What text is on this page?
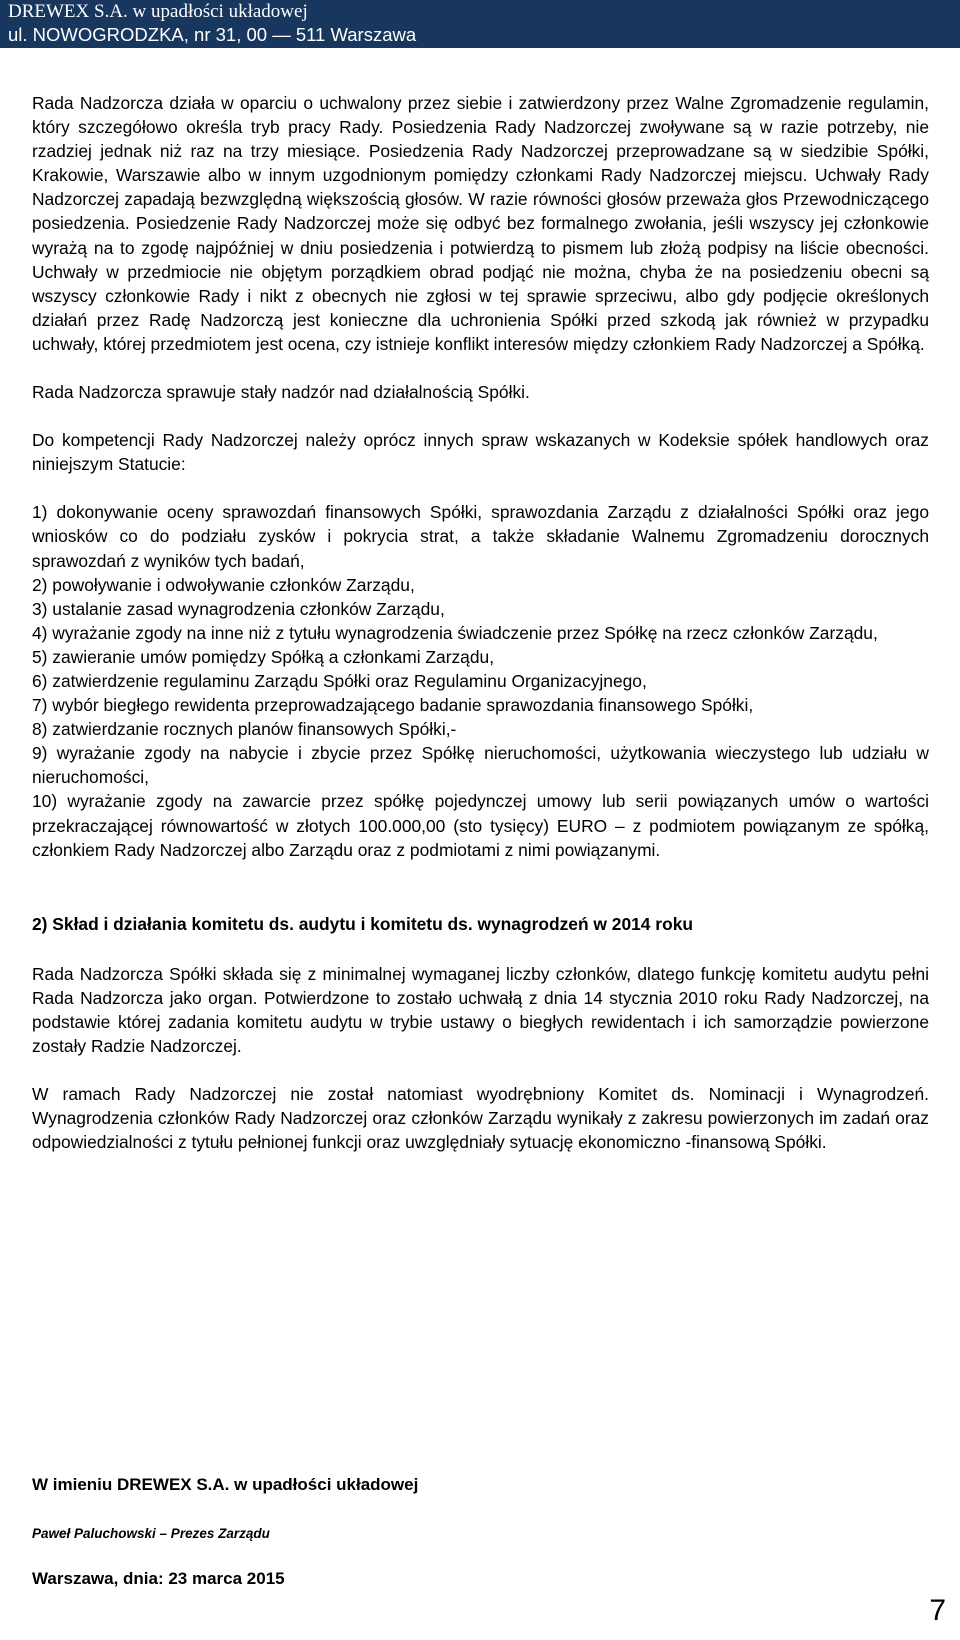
DREWEX S.A. w upadłości układowej
ul. NOWOGRODZKA, nr 31, 00 — 511 Warszawa

Rada Nadzorcza działa w oparciu o uchwalony przez siebie i zatwierdzony przez Walne Zgromadzenie regulamin, który szczegółowo określa tryb pracy Rady. Posiedzenia Rady Nadzorczej zwoływane są w razie potrzeby, nie rzadziej jednak niż raz na trzy miesiące. Posiedzenia Rady Nadzorczej przeprowadzane są w siedzibie Spółki, Krakowie, Warszawie albo w innym uzgodnionym pomiędzy członkami Rady Nadzorczej miejscu. Uchwały Rady Nadzorczej zapadają bezwzględną większością głosów. W razie równości głosów przeważa głos Przewodniczącego posiedzenia. Posiedzenie Rady Nadzorczej może się odbyć bez formalnego zwołania, jeśli wszyscy jej członkowie wyrażą na to zgodę najpóźniej w dniu posiedzenia i potwierdzą to pismem lub złożą podpisy na liście obecności. Uchwały w przedmiocie nie objętym porządkiem obrad podjąć nie można, chyba że na posiedzeniu obecni są wszyscy członkowie Rady i nikt z obecnych nie zgłosi w tej sprawie sprzeciwu, albo gdy podjęcie określonych działań przez Radę Nadzorczą jest konieczne dla uchronienia Spółki przed szkodą jak również w przypadku uchwały, której przedmiotem jest ocena, czy istnieje konflikt interesów między członkiem Rady Nadzorczej a Spółką.

Rada Nadzorcza sprawuje stały nadzór nad działalnością Spółki.

Do kompetencji Rady Nadzorczej należy oprócz innych spraw wskazanych w Kodeksie spółek handlowych oraz niniejszym Statucie:

1) dokonywanie oceny sprawozdań finansowych Spółki, sprawozdania Zarządu z działalności Spółki oraz jego wniosków co do podziału zysków i pokrycia strat, a także składanie Walnemu Zgromadzeniu dorocznych sprawozdań z wyników tych badań,

2) powoływanie i odwoływanie członków Zarządu,

3) ustalanie zasad wynagrodzenia członków Zarządu,

4) wyrażanie zgody na inne niż z tytułu wynagrodzenia świadczenie przez Spółkę na rzecz członków Zarządu,

5) zawieranie umów pomiędzy Spółką a członkami Zarządu,

6) zatwierdzenie regulaminu Zarządu Spółki oraz Regulaminu Organizacyjnego,

7) wybór biegłego rewidenta przeprowadzającego badanie sprawozdania finansowego Spółki,

8) zatwierdzanie rocznych planów finansowych Spółki,-

9) wyrażanie zgody na nabycie i zbycie przez Spółkę nieruchomości, użytkowania wieczystego lub udziału w nieruchomości,

10) wyrażanie zgody na zawarcie przez spółkę pojedynczej umowy lub serii powiązanych umów o wartości przekraczającej równowartość w złotych 100.000,00 (sto tysięcy) EURO – z podmiotem powiązanym ze spółką, członkiem Rady Nadzorczej albo Zarządu oraz z podmiotami z nimi powiązanymi.

2) Skład i działania komitetu ds. audytu i komitetu ds. wynagrodzeń w 2014 roku

Rada Nadzorcza Spółki składa się z minimalnej wymaganej liczby członków, dlatego funkcję komitetu audytu pełni Rada Nadzorcza jako organ. Potwierdzone to zostało uchwałą z dnia 14 stycznia 2010 roku Rady Nadzorczej, na podstawie której zadania komitetu audytu w trybie ustawy o biegłych rewidentach i ich samorządzie powierzone zostały Radzie Nadzorczej.

W ramach Rady Nadzorczej nie został natomiast wyodrębniony Komitet ds. Nominacji i Wynagrodzeń. Wynagrodzenia członków Rady Nadzorczej oraz członków Zarządu wynikały z zakresu powierzonych im zadań oraz odpowiedzialności z tytułu pełnionej funkcji oraz uwzględniały sytuację ekonomiczno -finansową Spółki.

W imieniu DREWEX S.A. w upadłości układowej
Paweł Paluchowski – Prezes Zarządu
Warszawa, dnia: 23 marca 2015
7
